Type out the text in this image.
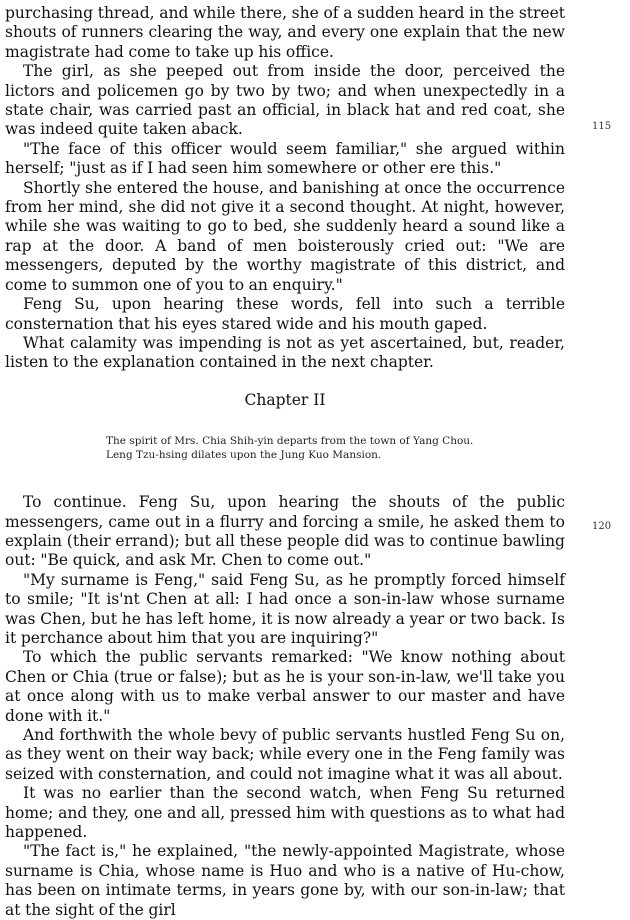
purchasing thread, and while there, she of a sudden heard in the street shouts of runners clearing the way, and every one explain that the new magistrate had come to take up his office.

The girl, as she peeped out from inside the door, perceived the lictors and policemen go by two by two; and when unexpectedly in a state chair, was carried past an official, in black hat and red coat, she was indeed quite taken aback.

"The face of this officer would seem familiar," she argued within herself; "just as if I had seen him somewhere or other ere this."

Shortly she entered the house, and banishing at once the occurrence from her mind, she did not give it a second thought. At night, however, while she was waiting to go to bed, she suddenly heard a sound like a rap at the door. A band of men boisterously cried out: "We are messengers, deputed by the worthy magistrate of this district, and come to summon one of you to an enquiry."

Feng Su, upon hearing these words, fell into such a terrible consternation that his eyes stared wide and his mouth gaped.

What calamity was impending is not as yet ascertained, but, reader, listen to the explanation contained in the next chapter.

Chapter II

The spirit of Mrs. Chia Shih-yin departs from the town of Yang Chou.

Leng Tzu-hsing dilates upon the Jung Kuo Mansion.

To continue. Feng Su, upon hearing the shouts of the public messengers, came out in a flurry and forcing a smile, he asked them to explain (their errand); but all these people did was to continue bawling out: "Be quick, and ask Mr. Chen to come out."

"My surname is Feng," said Feng Su, as he promptly forced himself to smile; "It is'nt Chen at all: I had once a son-in-law whose surname was Chen, but he has left home, it is now already a year or two back. Is it perchance about him that you are inquiring?"

To which the public servants remarked: "We know nothing about Chen or Chia (true or false); but as he is your son-in-law, we'll take you at once along with us to make verbal answer to our master and have done with it."

And forthwith the whole bevy of public servants hustled Feng Su on, as they went on their way back; while every one in the Feng family was seized with consternation, and could not imagine what it was all about.

It was no earlier than the second watch, when Feng Su returned home; and they, one and all, pressed him with questions as to what had happened.

"The fact is," he explained, "the newly-appointed Magistrate, whose surname is Chia, whose name is Huo and who is a native of Hu-chow, has been on intimate terms, in years gone by, with our son-in-law; that at the sight of the girl

115
120
